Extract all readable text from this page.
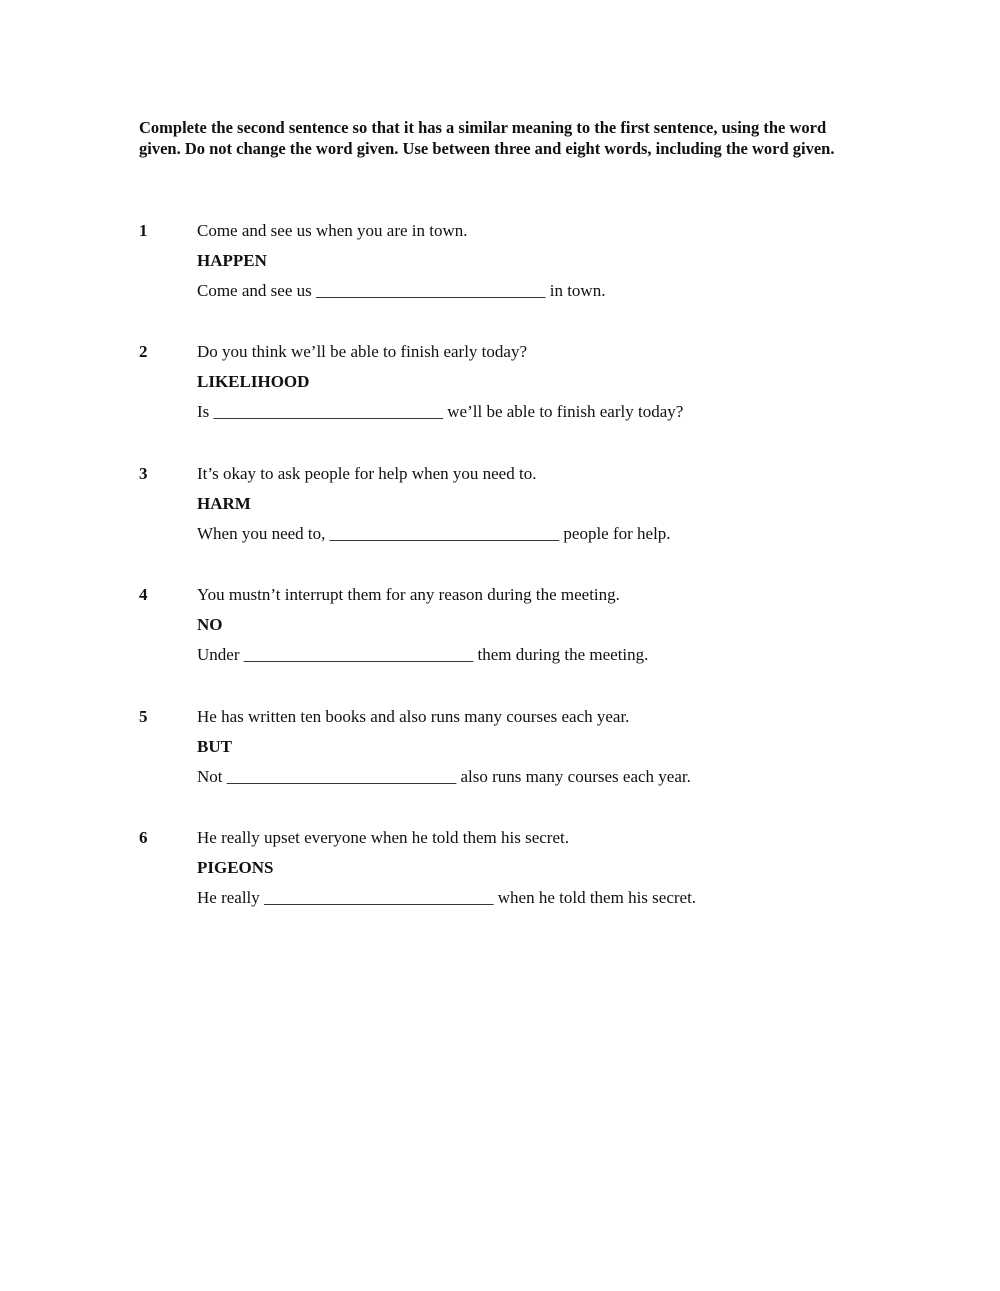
Complete the second sentence so that it has a similar meaning to the first sentence, using the word given. Do not change the word given. Use between three and eight words, including the word given.

1	Come and see us when you are in town.
HAPPEN
Come and see us ___________________________ in town.
2	Do you think we’ll be able to finish early today?
LIKELIHOOD
Is ___________________________ we’ll be able to finish early today?
3	It’s okay to ask people for help when you need to.
HARM
When you need to, ___________________________ people for help.
4	You mustn’t interrupt them for any reason during the meeting.
NO
Under ___________________________ them during the meeting.
5	He has written ten books and also runs many courses each year.
BUT
Not ___________________________ also runs many courses each year.
6	He really upset everyone when he told them his secret.
PIGEONS
He really ___________________________ when he told them his secret.
